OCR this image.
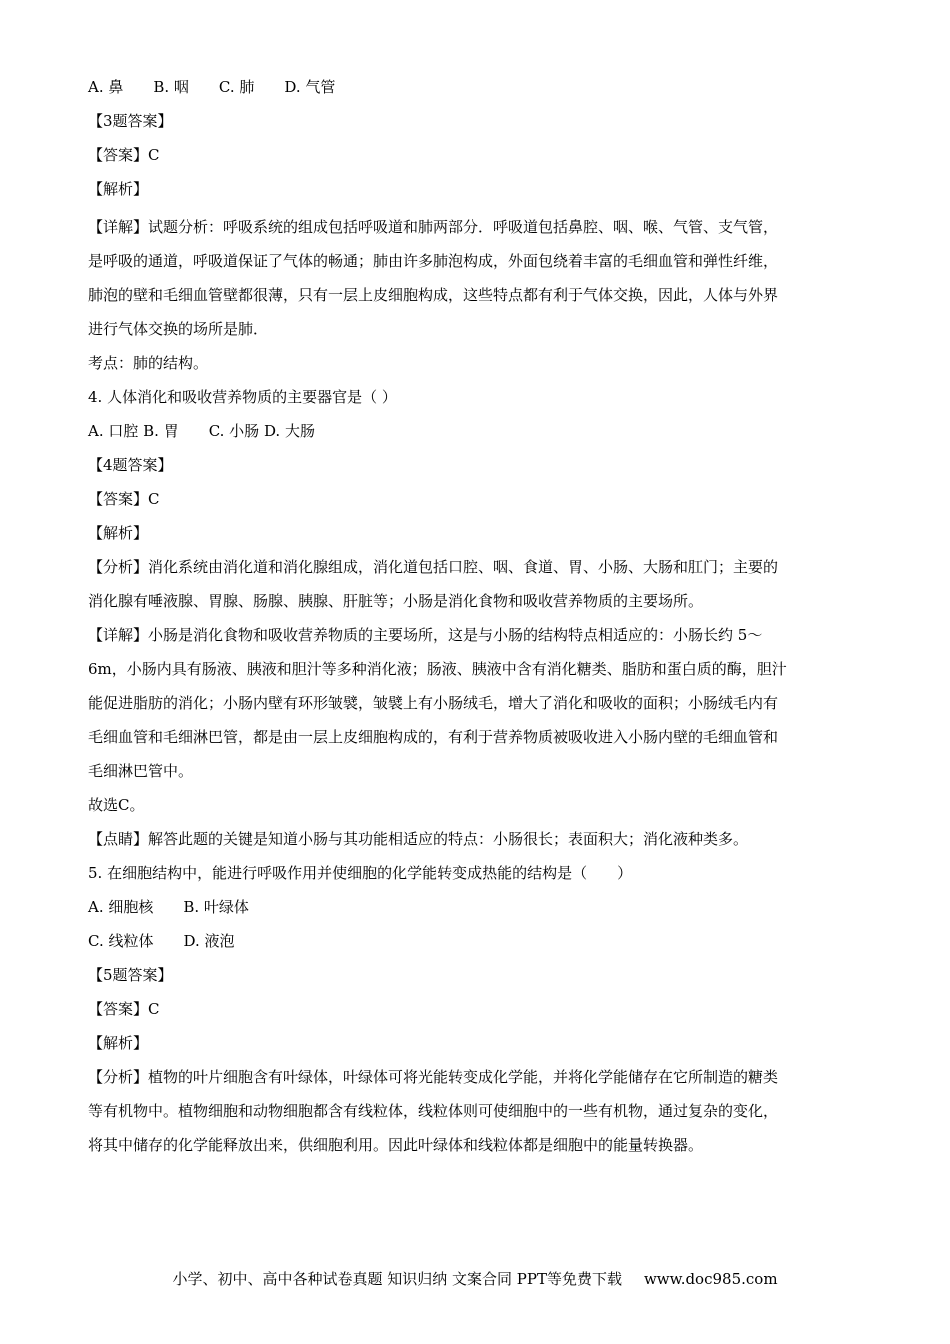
A. 鼻　　B. 咽　　C. 肺　　D. 气管
【3题答案】
【答案】C
【解析】
【详解】试题分析：呼吸系统的组成包括呼吸道和肺两部分．呼吸道包括鼻腔、咽、喉、气管、支气管，
是呼吸的通道，呼吸道保证了气体的畅通；肺由许多肺泡构成，外面包绕着丰富的毛细血管和弹性纤维，
肺泡的壁和毛细血管壁都很薄，只有一层上皮细胞构成，这些特点都有利于气体交换，因此，人体与外界
进行气体交换的场所是肺．
考点：肺的结构。
4. 人体消化和吸收营养物质的主要器官是（ ）
A. 口腔 B. 胃　　C. 小肠 D. 大肠
【4题答案】
【答案】C
【解析】
【分析】消化系统由消化道和消化腺组成，消化道包括口腔、咽、食道、胃、小肠、大肠和肛门；主要的
消化腺有唾液腺、胃腺、肠腺、胰腺、肝脏等；小肠是消化食物和吸收营养物质的主要场所。
【详解】小肠是消化食物和吸收营养物质的主要场所，这是与小肠的结构特点相适应的：小肠长约 5～
6m，小肠内具有肠液、胰液和胆汁等多种消化液；肠液、胰液中含有消化糖类、脂肪和蛋白质的酶，胆汁
能促进脂肪的消化；小肠内壁有环形皱襞，皱襞上有小肠绒毛，增大了消化和吸收的面积；小肠绒毛内有
毛细血管和毛细淋巴管，都是由一层上皮细胞构成的，有利于营养物质被吸收进入小肠内壁的毛细血管和
毛细淋巴管中。
故选C。
【点睛】解答此题的关键是知道小肠与其功能相适应的特点：小肠很长；表面积大；消化液种类多。
5. 在细胞结构中，能进行呼吸作用并使细胞的化学能转变成热能的结构是（　　）
A. 细胞核　　B. 叶绿体
C. 线粒体　　D. 液泡
【5题答案】
【答案】C
【解析】
【分析】植物的叶片细胞含有叶绿体，叶绿体可将光能转变成化学能，并将化学能储存在它所制造的糖类
等有机物中。植物细胞和动物细胞都含有线粒体，线粒体则可使细胞中的一些有机物，通过复杂的变化，
将其中储存的化学能释放出来，供细胞利用。因此叶绿体和线粒体都是细胞中的能量转换器。
小学、初中、高中各种试卷真题 知识归纳 文案合同 PPT等免费下载 www.doc985.com
